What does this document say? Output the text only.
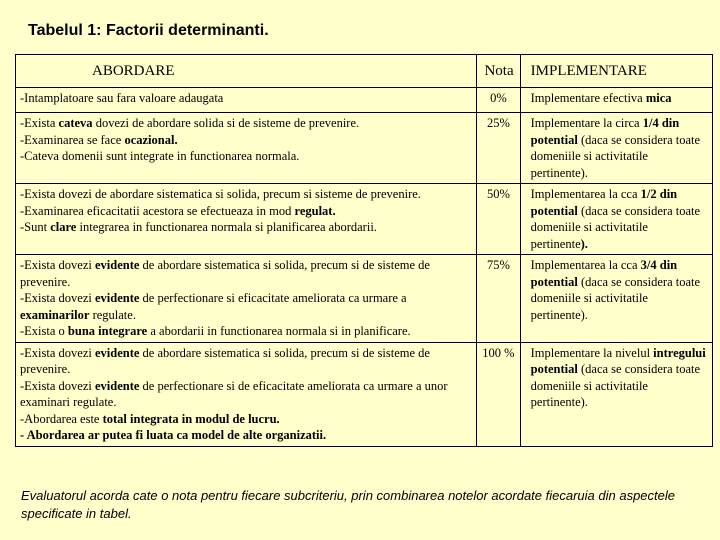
Tabelul 1: Factorii determinanti.
ABORDARE	Nota	IMPLEMENTARE

-Intamplatoare sau fara valoare adaugata	0%	Implementare efectiva mica

-Exista cateva dovezi de abordare solida si de sisteme de prevenire.
-Examinarea se face ocazional.
-Cateva domenii sunt integrate in functionarea normala.	25%	Implementare la circa 1/4 din potential (daca se considera toate domeniile si activitatile pertinente).

-Exista dovezi de abordare sistematica si solida, precum si sisteme de prevenire.
-Examinarea eficacitatii acestora se efectueaza in mod regulat.
-Sunt clare integrarea in functionarea normala si planificarea abordarii.	50%	Implementarea la cca 1/2 din potential (daca se considera toate domeniile si activitatile pertinente).

-Exista dovezi evidente de abordare sistematica si solida, precum si de sisteme de prevenire.
-Exista dovezi evidente de perfectionare si eficacitate ameliorata ca urmare a examinarilor regulate.
-Exista o buna integrare a abordarii in functionarea normala si in planificare.	75%	Implementarea la cca 3/4 din potential (daca se considera toate domeniile si activitatile pertinente).

-Exista dovezi evidente de abordare sistematica si solida, precum si de sisteme de prevenire.
-Exista dovezi evidente de perfectionare si de eficacitate ameliorata ca urmare a unor examinari regulate.
-Abordarea este total integrata in modul de lucru.
- Abordarea ar putea fi luata ca model de alte organizatii.	100 %	Implementare la nivelul intregului potential (daca se considera toate domeniile si activitatile pertinente).
Evaluatorul acorda cate o nota pentru fiecare subcriteriu, prin combinarea notelor acordate fiecaruia din aspectele specificate in tabel.
